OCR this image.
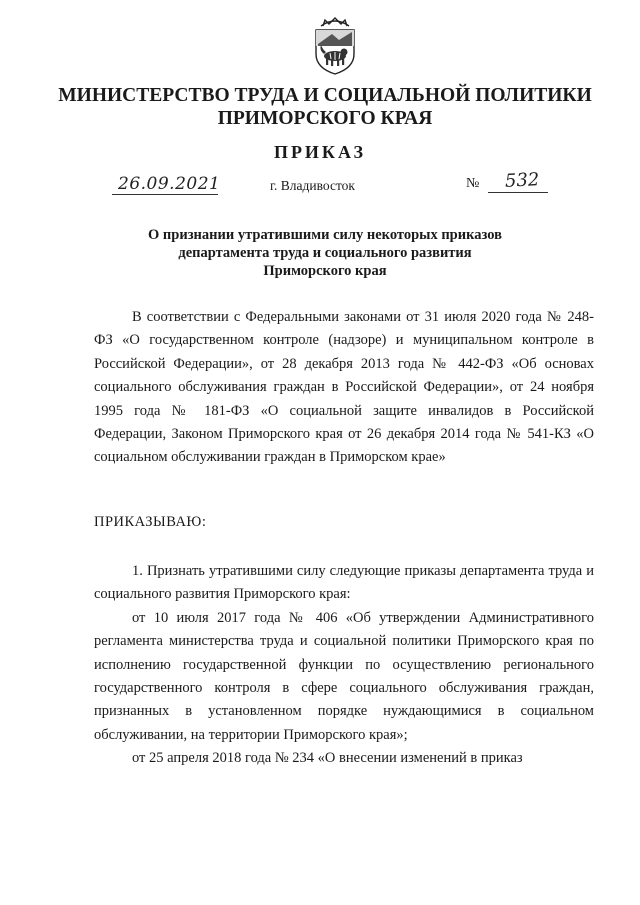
МИНИСТЕРСТВО ТРУДА И СОЦИАЛЬНОЙ ПОЛИТИКИ
ПРИМОРСКОГО КРАЯ
ПРИКАЗ
26.09.2021	г. Владивосток	№ 532
О признании утратившими силу некоторых приказов
департамента труда и социального развития
Приморского края

В соответствии с Федеральными законами от 31 июля 2020 года № 248-ФЗ «О государственном контроле (надзоре) и муниципальном контроле в Российской Федерации», от 28 декабря 2013 года № 442-ФЗ «Об основах социального обслуживания граждан в Российской Федерации», от 24 ноября 1995 года № 181-ФЗ «О социальной защите инвалидов в Российской Федерации, Законом Приморского края от 26 декабря 2014 года № 541-КЗ «О социальном обслуживании граждан в Приморском крае»

ПРИКАЗЫВАЮ:

1. Признать утратившими силу следующие приказы департамента труда и социального развития Приморского края:

от 10 июля 2017 года № 406 «Об утверждении Административного регламента министерства труда и социальной политики Приморского края по исполнению государственной функции по осуществлению регионального государственного контроля в сфере социального обслуживания граждан, признанных в установленном порядке нуждающимися в социальном обслуживании, на территории Приморского края»;

от 25 апреля 2018 года № 234 «О внесении изменений в приказ
